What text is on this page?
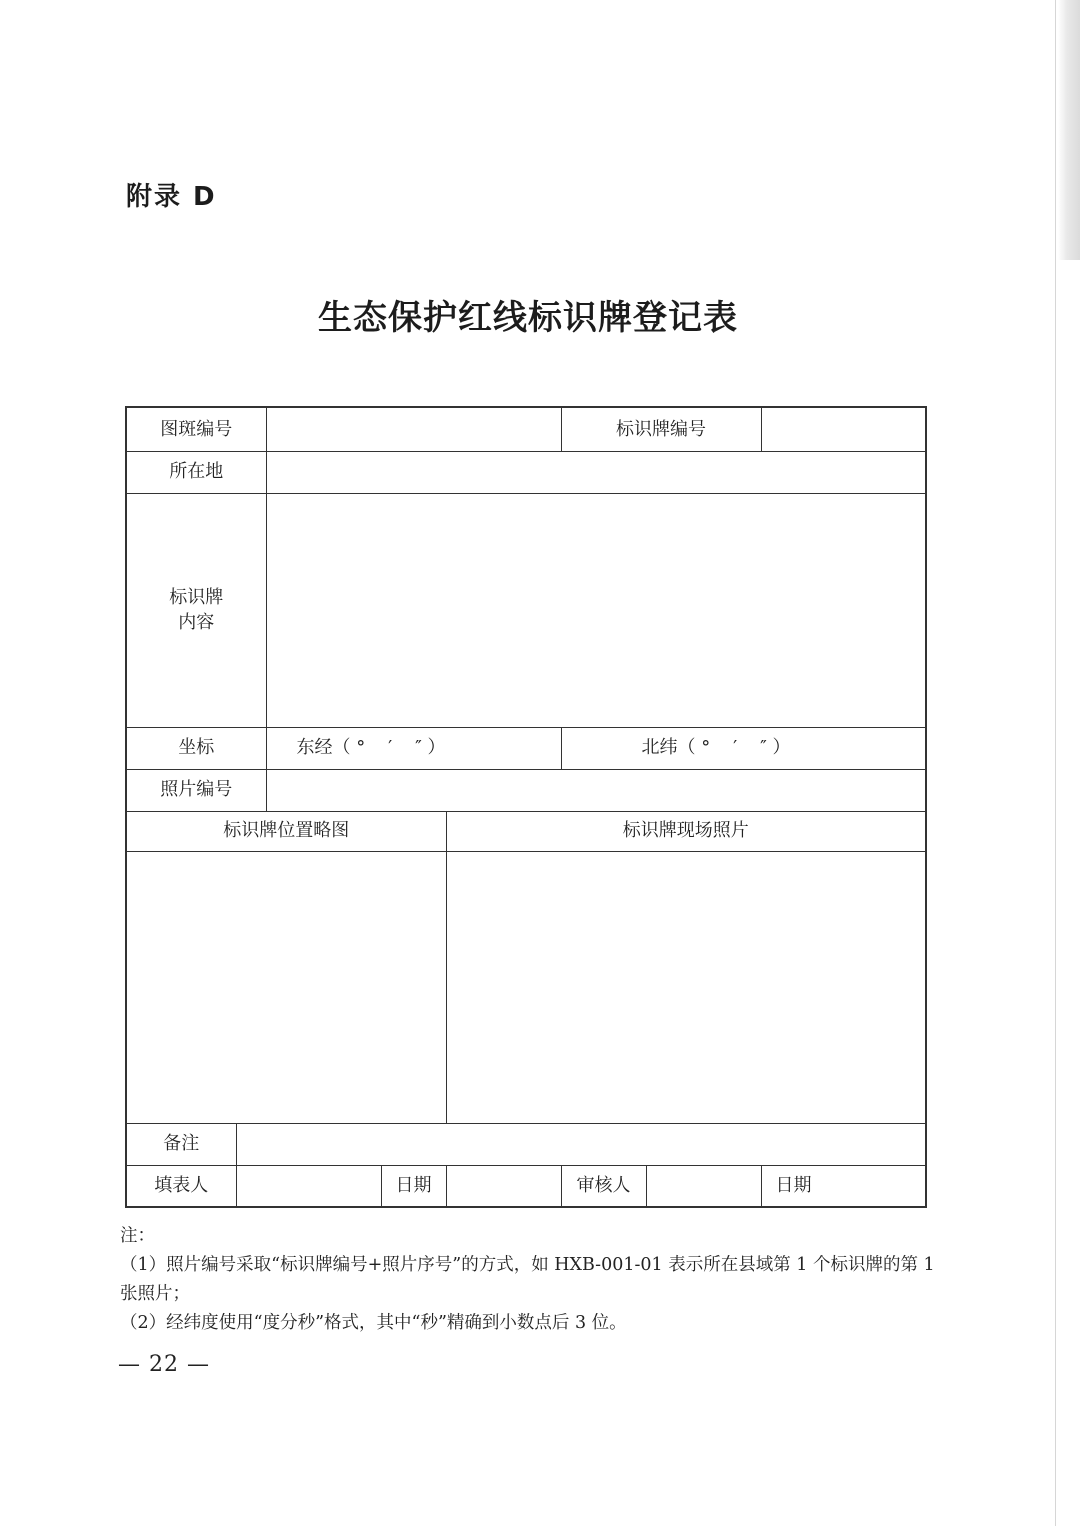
附录 D
生态保护红线标识牌登记表
图斑编号					标识牌编号		
所在地							

标识牌
内容							

坐标		东经（ °    ′    ″ ）			北纬（ °    ′    ″ ）		
照片编号							
标识牌位置略图				标识牌现场照片			

备注							
填表人			日期		审核人		日期

注：

（1）照片编号采取“标识牌编号+照片序号”的方式，如 HXB-001-01 表示所在县域第 1 个标识牌的第 1 张照片；

（2）经纬度使用“度分秒”格式，其中“秒”精确到小数点后 3 位。

— 22 —
